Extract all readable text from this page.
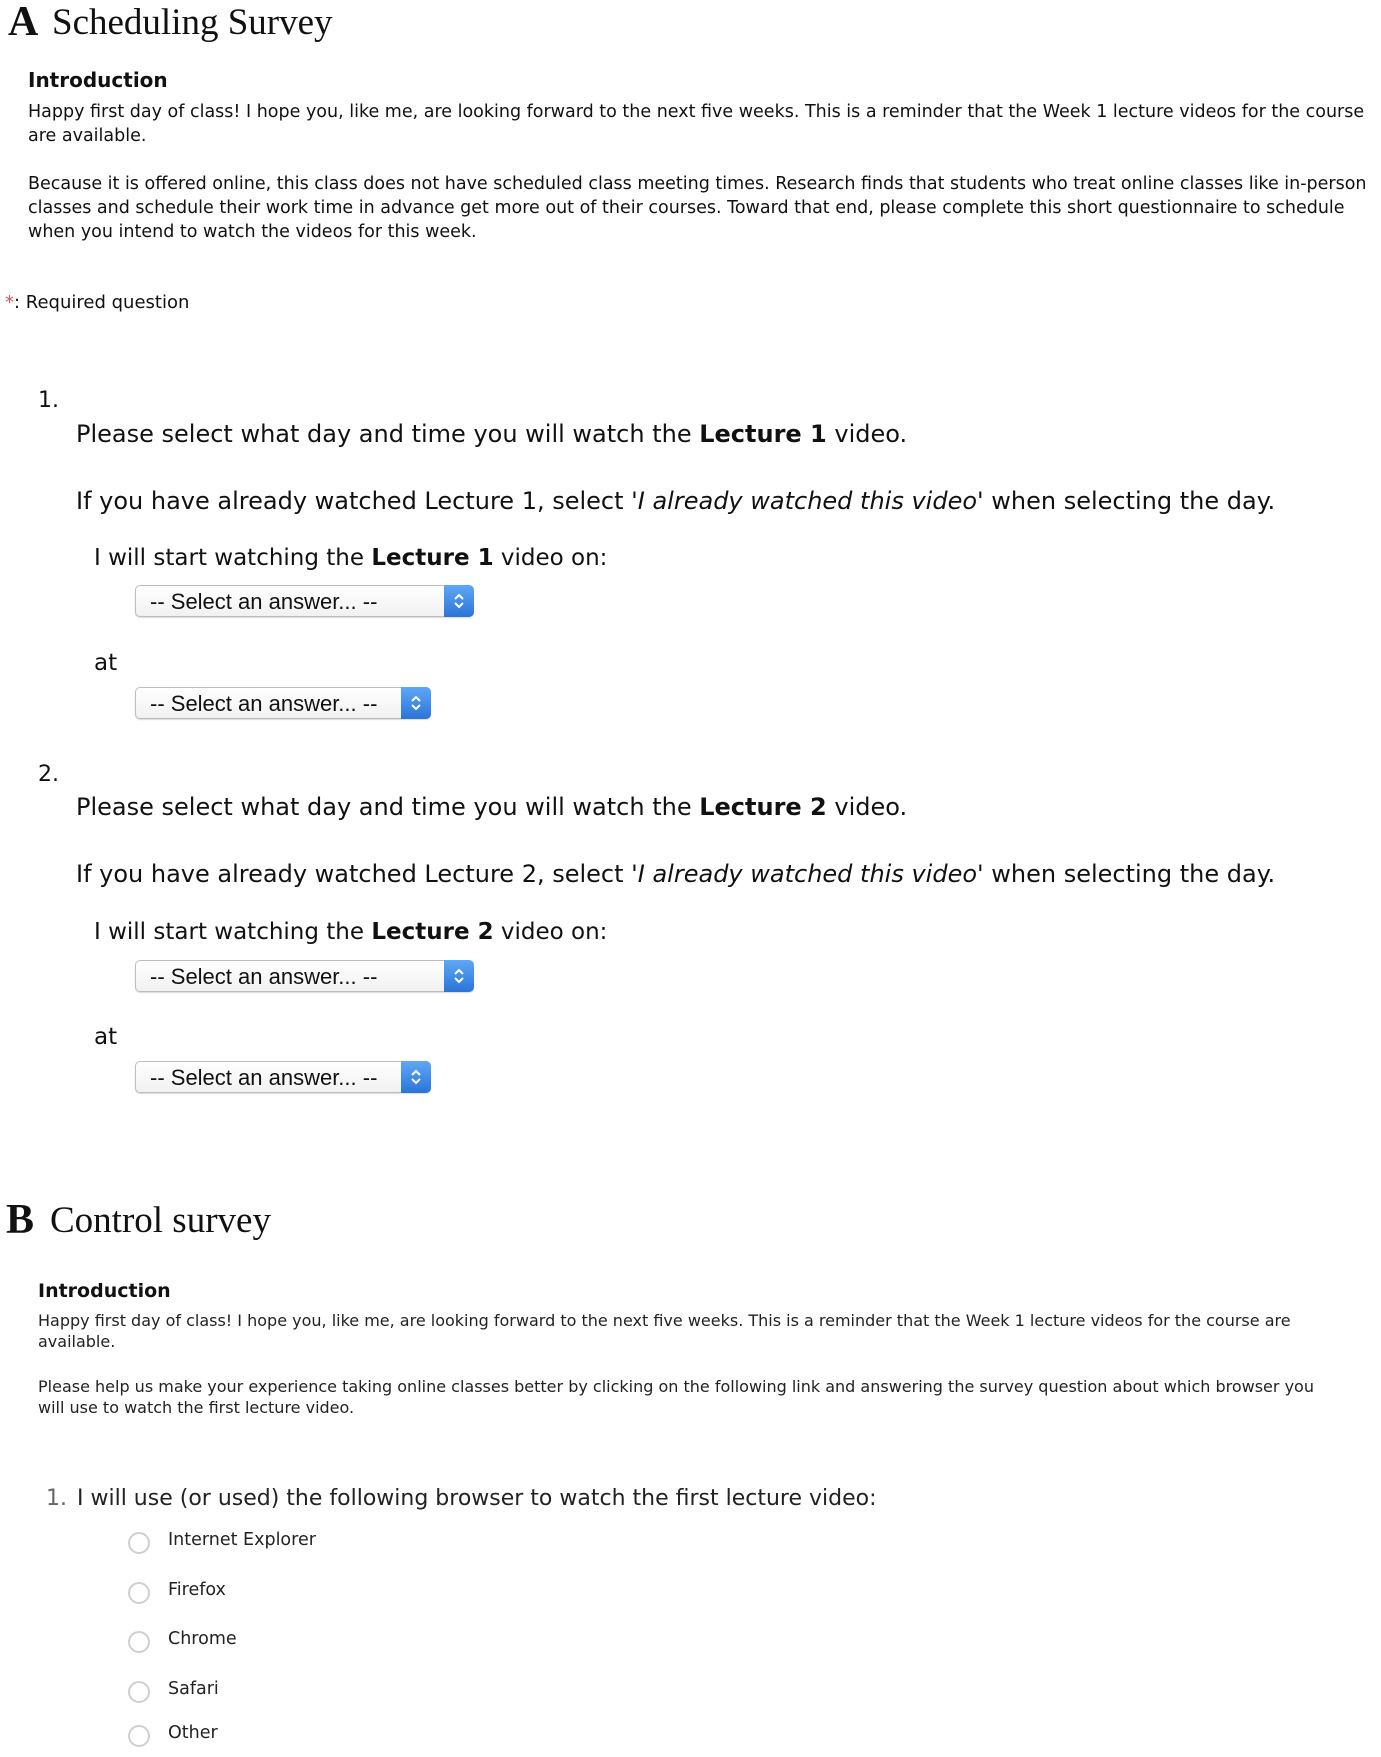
A Scheduling Survey
Introduction
Happy first day of class! I hope you, like me, are looking forward to the next five weeks. This is a reminder that the Week 1 lecture videos for the course are available.
Because it is offered online, this class does not have scheduled class meeting times. Research finds that students who treat online classes like in-person classes and schedule their work time in advance get more out of their courses. Toward that end, please complete this short questionnaire to schedule when you intend to watch the videos for this week.
*: Required question
1.
Please select what day and time you will watch the Lecture 1 video.
If you have already watched Lecture 1, select 'I already watched this video' when selecting the day.
I will start watching the Lecture 1 video on:
-- Select an answer... --
at
-- Select an answer... --
2.
Please select what day and time you will watch the Lecture 2 video.
If you have already watched Lecture 2, select 'I already watched this video' when selecting the day.
I will start watching the Lecture 2 video on:
-- Select an answer... --
at
-- Select an answer... --
B Control survey
Introduction
Happy first day of class! I hope you, like me, are looking forward to the next five weeks. This is a reminder that the Week 1 lecture videos for the course are available.
Please help us make your experience taking online classes better by clicking on the following link and answering the survey question about which browser you will use to watch the first lecture video.
1. I will use (or used) the following browser to watch the first lecture video:
Internet Explorer
Firefox
Chrome
Safari
Other
